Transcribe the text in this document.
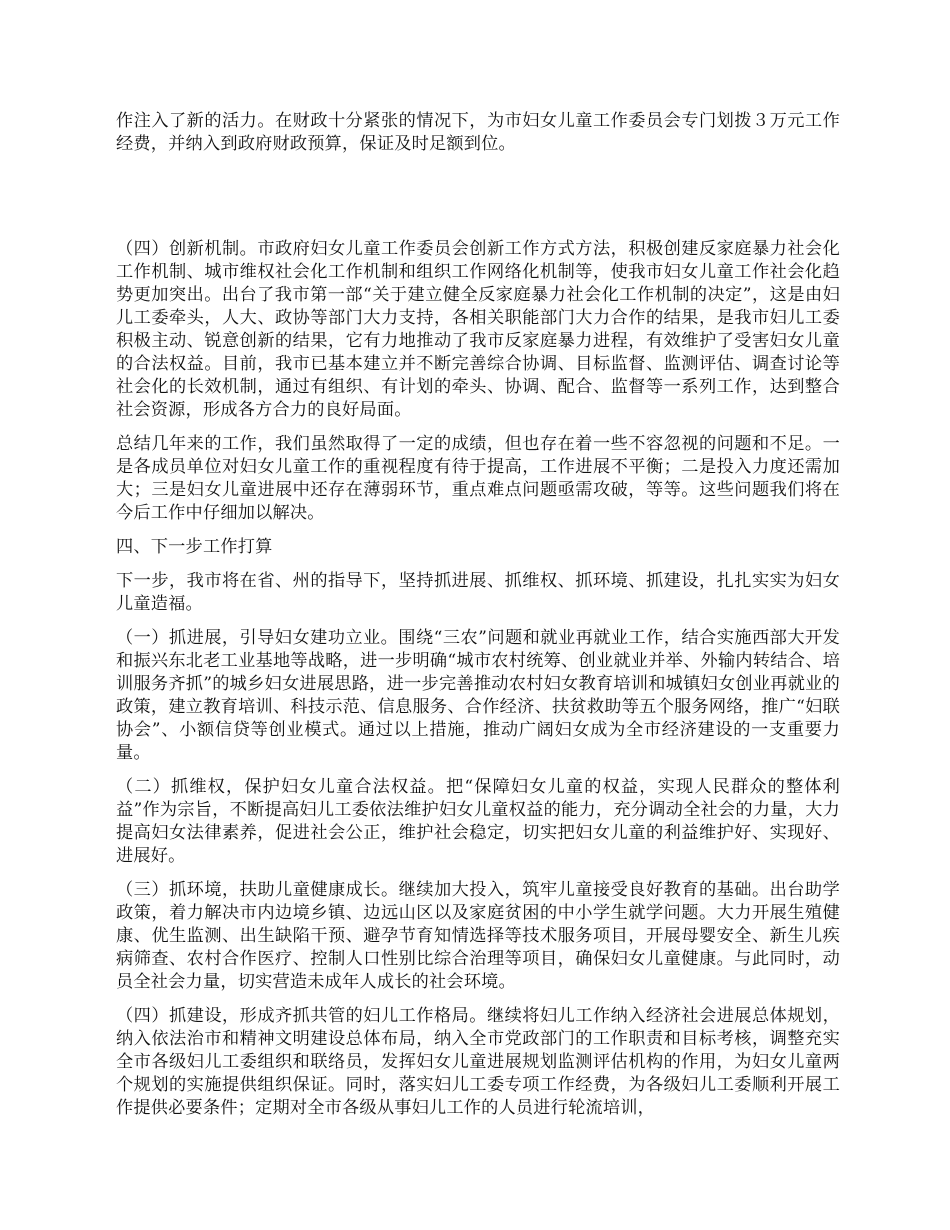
作注入了新的活力。在财政十分紧张的情况下，为市妇女儿童工作委员会专门划拨３万元工作经费，并纳入到政府财政预算，保证及时足额到位。

（四）创新机制。市政府妇女儿童工作委员会创新工作方式方法，积极创建反家庭暴力社会化工作机制、城市维权社会化工作机制和组织工作网络化机制等，使我市妇女儿童工作社会化趋势更加突出。出台了我市第一部“关于建立健全反家庭暴力社会化工作机制的决定”，这是由妇儿工委牵头，人大、政协等部门大力支持，各相关职能部门大力合作的结果，是我市妇儿工委积极主动、锐意创新的结果，它有力地推动了我市反家庭暴力进程，有效维护了受害妇女儿童的合法权益。目前，我市已基本建立并不断完善综合协调、目标监督、监测评估、调查讨论等社会化的长效机制，通过有组织、有计划的牵头、协调、配合、监督等一系列工作，达到整合社会资源，形成各方合力的良好局面。

总结几年来的工作，我们虽然取得了一定的成绩，但也存在着一些不容忽视的问题和不足。一是各成员单位对妇女儿童工作的重视程度有待于提高，工作进展不平衡；二是投入力度还需加大；三是妇女儿童进展中还存在薄弱环节，重点难点问题亟需攻破，等等。这些问题我们将在今后工作中仔细加以解决。

四、下一步工作打算

下一步，我市将在省、州的指导下，坚持抓进展、抓维权、抓环境、抓建设，扎扎实实为妇女儿童造福。

（一）抓进展，引导妇女建功立业。围绕“三农”问题和就业再就业工作，结合实施西部大开发和振兴东北老工业基地等战略，进一步明确“城市农村统筹、创业就业并举、外输内转结合、培训服务齐抓”的城乡妇女进展思路，进一步完善推动农村妇女教育培训和城镇妇女创业再就业的政策，建立教育培训、科技示范、信息服务、合作经济、扶贫救助等五个服务网络，推广“妇联 协会”、小额信贷等创业模式。通过以上措施，推动广阔妇女成为全市经济建设的一支重要力量。

（二）抓维权，保护妇女儿童合法权益。把“保障妇女儿童的权益，实现人民群众的整体利益”作为宗旨，不断提高妇儿工委依法维护妇女儿童权益的能力，充分调动全社会的力量，大力提高妇女法律素养，促进社会公正，维护社会稳定，切实把妇女儿童的利益维护好、实现好、进展好。

（三）抓环境，扶助儿童健康成长。继续加大投入，筑牢儿童接受良好教育的基础。出台助学政策，着力解决市内边境乡镇、边远山区以及家庭贫困的中小学生就学问题。大力开展生殖健康、优生监测、出生缺陷干预、避孕节育知情选择等技术服务项目，开展母婴安全、新生儿疾病筛查、农村合作医疗、控制人口性别比综合治理等项目，确保妇女儿童健康。与此同时，动员全社会力量，切实营造未成年人成长的社会环境。

（四）抓建设，形成齐抓共管的妇儿工作格局。继续将妇儿工作纳入经济社会进展总体规划，纳入依法治市和精神文明建设总体布局，纳入全市党政部门的工作职责和目标考核，调整充实全市各级妇儿工委组织和联络员，发挥妇女儿童进展规划监测评估机构的作用，为妇女儿童两个规划的实施提供组织保证。同时，落实妇儿工委专项工作经费，为各级妇儿工委顺利开展工作提供必要条件；定期对全市各级从事妇儿工作的人员进行轮流培训，
